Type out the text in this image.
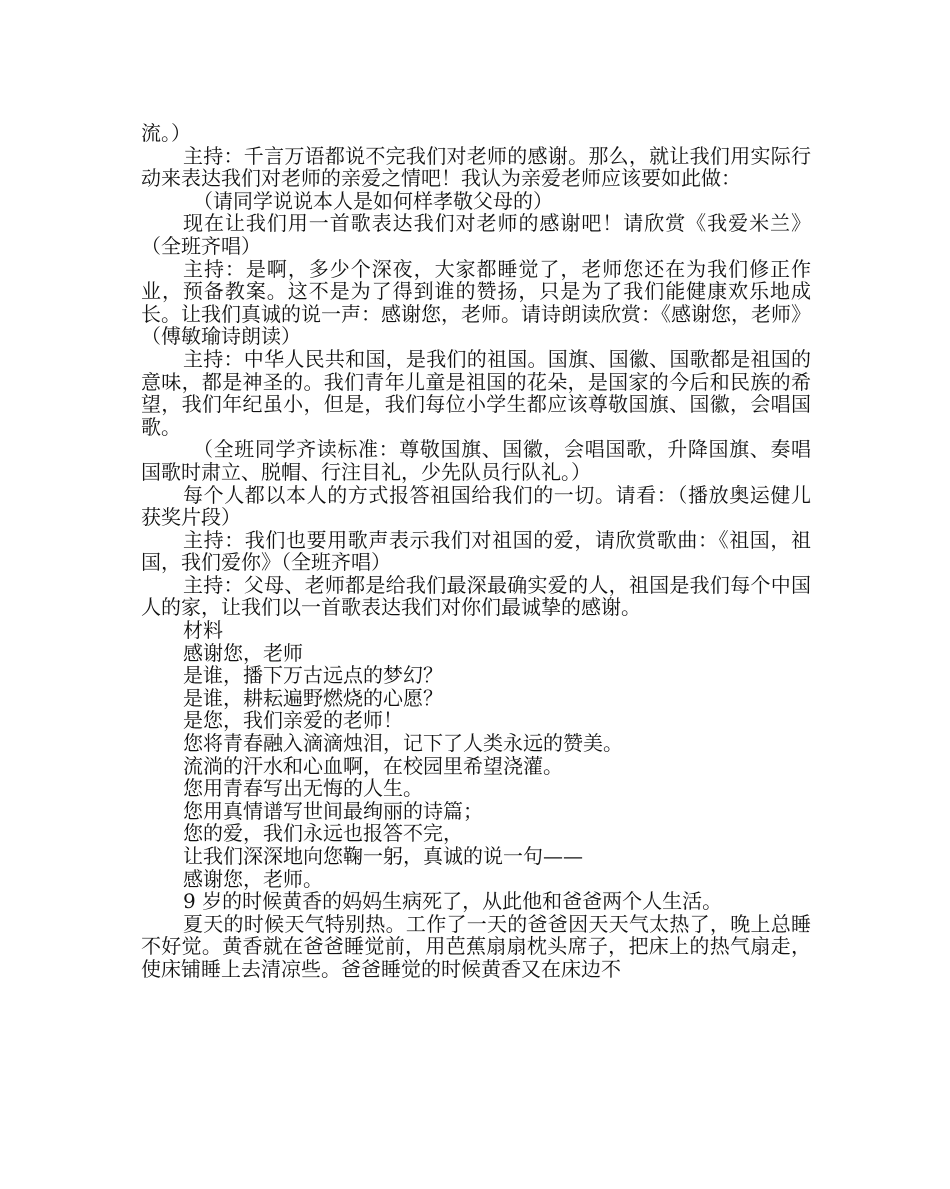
流。）

主持：千言万语都说不完我们对老师的感谢。那么，就让我们用实际行动来表达我们对老师的亲爱之情吧！我认为亲爱老师应该要如此做：

（请同学说说本人是如何样孝敬父母的）

现在让我们用一首歌表达我们对老师的感谢吧！请欣赏《我爱米兰》（全班齐唱）

主持：是啊，多少个深夜，大家都睡觉了，老师您还在为我们修正作业，预备教案。这不是为了得到谁的赞扬，只是为了我们能健康欢乐地成长。让我们真诚的说一声：感谢您，老师。请诗朗读欣赏：《感谢您，老师》（傅敏瑜诗朗读）

主持：中华人民共和国，是我们的祖国。国旗、国徽、国歌都是祖国的意味，都是神圣的。我们青年儿童是祖国的花朵，是国家的今后和民族的希望，我们年纪虽小，但是，我们每位小学生都应该尊敬国旗、国徽，会唱国歌。

（全班同学齐读标准：尊敬国旗、国徽，会唱国歌，升降国旗、奏唱国歌时肃立、脱帽、行注目礼，少先队员行队礼。）

每个人都以本人的方式报答祖国给我们的一切。请看：（播放奥运健儿获奖片段）

主持：我们也要用歌声表示我们对祖国的爱，请欣赏歌曲：《祖国，祖国，我们爱你》（全班齐唱）

主持：父母、老师都是给我们最深最确实爱的人，祖国是我们每个中国人的家，让我们以一首歌表达我们对你们最诚挚的感谢。

材料

感谢您，老师

是谁，播下万古远点的梦幻？

是谁，耕耘遍野燃烧的心愿？

是您，我们亲爱的老师！

您将青春融入滴滴烛泪，记下了人类永远的赞美。

流淌的汗水和心血啊，在校园里希望浇灌。

您用青春写出无悔的人生。

您用真情谱写世间最绚丽的诗篇；

您的爱，我们永远也报答不完，

让我们深深地向您鞠一躬，真诚的说一句——

感谢您，老师。

9 岁的时候黄香的妈妈生病死了，从此他和爸爸两个人生活。

夏天的时候天气特别热。工作了一天的爸爸因天天气太热了，晚上总睡不好觉。黄香就在爸爸睡觉前，用芭蕉扇扇枕头席子，把床上的热气扇走，使床铺睡上去清凉些。爸爸睡觉的时候黄香又在床边不
